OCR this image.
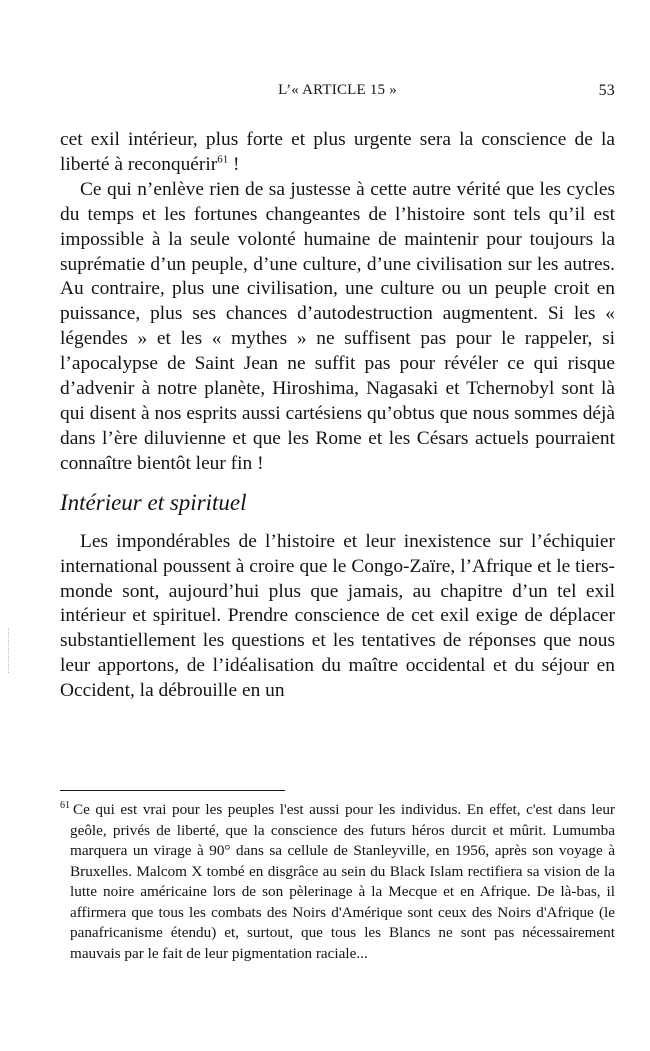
L’« ARTICLE 15 »	53

cet exil intérieur, plus forte et plus urgente sera la conscience de la liberté à reconquérir$^{61}$ !

Ce qui n’enlève rien de sa justesse à cette autre vérité que les cycles du temps et les fortunes changeantes de l’histoire sont tels qu’il est impossible à la seule volonté humaine de maintenir pour toujours la suprématie d’un peuple, d’une culture, d’une civilisation sur les autres. Au contraire, plus une civilisation, une culture ou un peuple croit en puissance, plus ses chances d’autodestruction augmentent. Si les « légendes » et les « mythes » ne suffisent pas pour le rappeler, si l’apocalypse de Saint Jean ne suffit pas pour révéler ce qui risque d’advenir à notre planète, Hiroshima, Nagasaki et Tchernobyl sont là qui disent à nos esprits aussi cartésiens qu’obtus que nous sommes déjà dans l’ère diluvienne et que les Rome et les Césars actuels pourraient connaître bientôt leur fin !

Intérieur et spirituel

Les impondérables de l’histoire et leur inexistence sur l’échiquier international poussent à croire que le Congo-Zaïre, l’Afrique et le tiers-monde sont, aujourd’hui plus que jamais, au chapitre d’un tel exil intérieur et spirituel. Prendre conscience de cet exil exige de déplacer substantiellement les questions et les tentatives de réponses que nous leur apportons, de l’idéalisation du maître occidental et du séjour en Occident, la débrouille en un

$^{61}$ Ce qui est vrai pour les peuples l'est aussi pour les individus. En effet, c'est dans leur geôle, privés de liberté, que la conscience des futurs héros durcit et mûrit. Lumumba marquera un virage à 90° dans sa cellule de Stanleyville, en 1956, après son voyage à Bruxelles. Malcom X tombé en disgrâce au sein du Black Islam rectifiera sa vision de la lutte noire américaine lors de son pèlerinage à la Mecque et en Afrique. De là-bas, il affirmera que tous les combats des Noirs d'Amérique sont ceux des Noirs d'Afrique (le panafricanisme étendu) et, surtout, que tous les Blancs ne sont pas nécessairement mauvais par le fait de leur pigmentation raciale...
